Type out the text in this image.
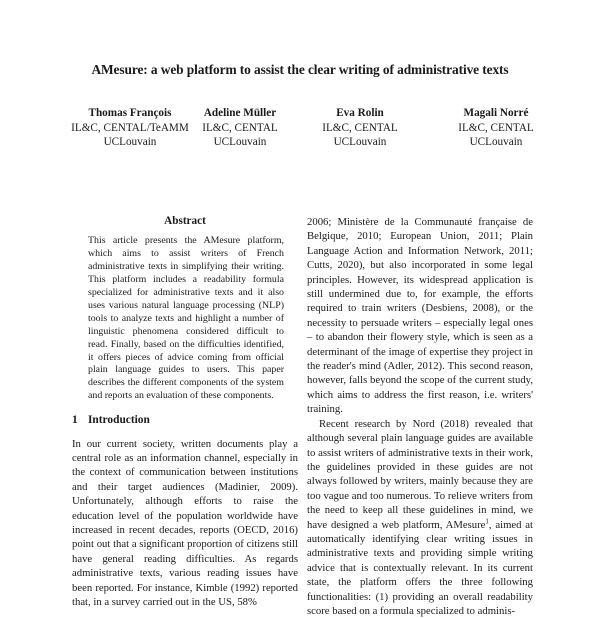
AMesure: a web platform to assist the clear writing of administrative texts
Thomas François
IL&C, CENTAL/TeAMM
UCLouvain
Adeline Müller
IL&C, CENTAL
UCLouvain
Eva Rolin
IL&C, CENTAL
UCLouvain
Magali Norré
IL&C, CENTAL
UCLouvain
Abstract

This article presents the AMesure platform, which aims to assist writers of French administrative texts in simplifying their writing. This platform includes a readability formula specialized for administrative texts and it also uses various natural language processing (NLP) tools to analyze texts and highlight a number of linguistic phenomena considered difficult to read. Finally, based on the difficulties identified, it offers pieces of advice coming from official plain language guides to users. This paper describes the different components of the system and reports an evaluation of these components.

1 Introduction

In our current society, written documents play a central role as an information channel, especially in the context of communication between institutions and their target audiences (Madinier, 2009). Unfortunately, although efforts to raise the education level of the population worldwide have increased in recent decades, reports (OECD, 2016) point out that a significant proportion of citizens still have general reading difficulties. As regards administrative texts, various reading issues have been reported. For instance, Kimble (1992) reported that, in a survey carried out in the US, 58%

2006; Ministère de la Communauté française de Belgique, 2010; European Union, 2011; Plain Language Action and Information Network, 2011; Cutts, 2020), but also incorporated in some legal principles. However, its widespread application is still undermined due to, for example, the efforts required to train writers (Desbiens, 2008), or the necessity to persuade writers – especially legal ones – to abandon their flowery style, which is seen as a determinant of the image of expertise they project in the reader's mind (Adler, 2012). This second reason, however, falls beyond the scope of the current study, which aims to address the first reason, i.e. writers' training.

Recent research by Nord (2018) revealed that although several plain language guides are available to assist writers of administrative texts in their work, the guidelines provided in these guides are not always followed by writers, mainly because they are too vague and too numerous. To relieve writers from the need to keep all these guidelines in mind, we have designed a web platform, AMesure$^1$, aimed at automatically identifying clear writing issues in administrative texts and providing simple writing advice that is contextually relevant. In its current state, the platform offers the three following functionalities: (1) providing an overall readability score based on a formula specialized to adminis-
